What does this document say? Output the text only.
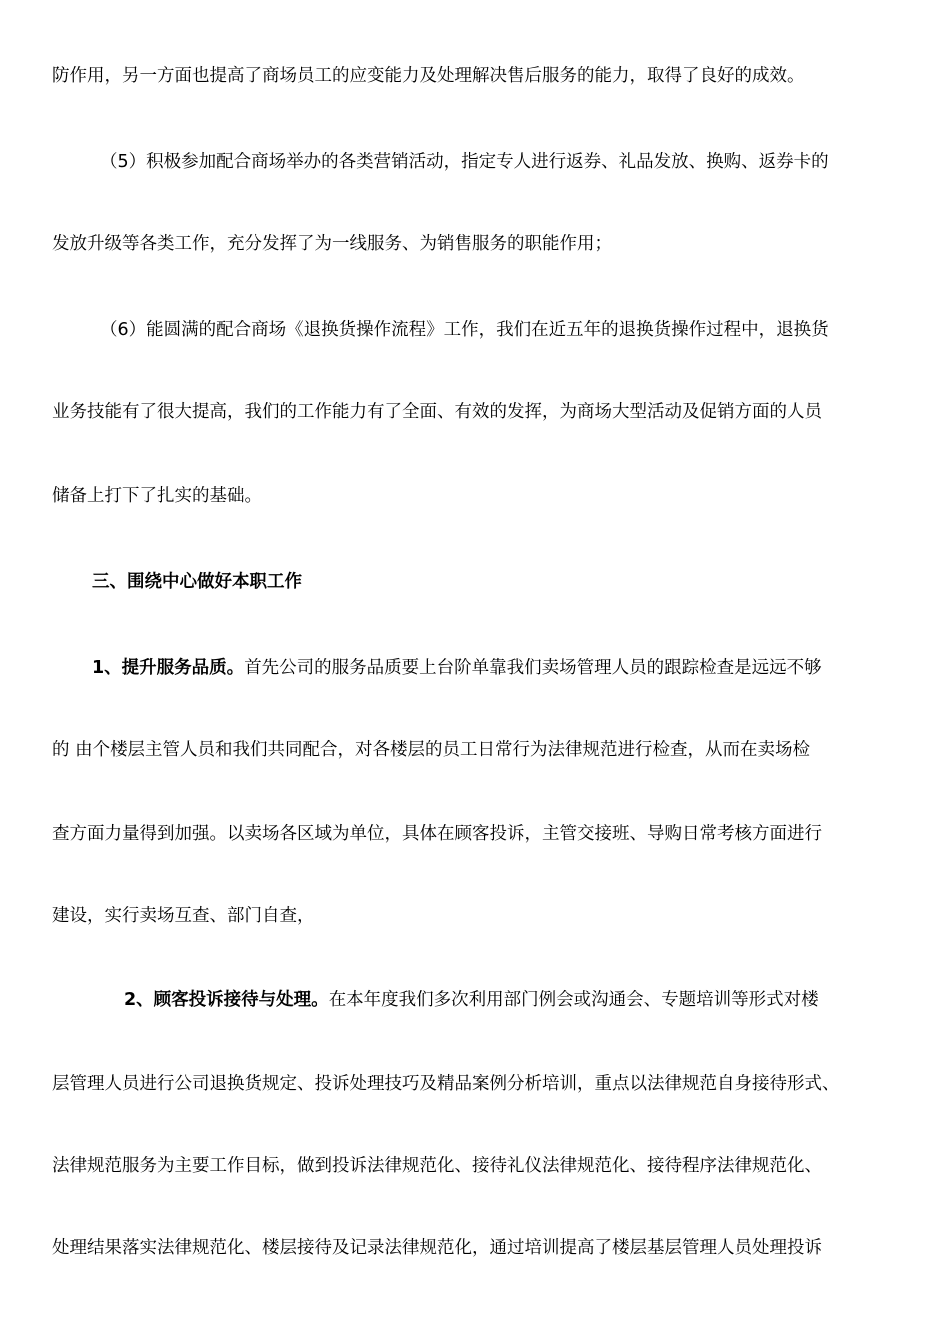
防作用，另一方面也提高了商场员工的应变能力及处理解决售后服务的能力，取得了良好的成效。
（5）积极参加配合商场举办的各类营销活动，指定专人进行返券、礼品发放、换购、返券卡的
发放升级等各类工作，充分发挥了为一线服务、为销售服务的职能作用；
（6）能圆满的配合商场《退换货操作流程》工作，我们在近五年的退换货操作过程中，退换货
业务技能有了很大提高，我们的工作能力有了全面、有效的发挥，为商场大型活动及促销方面的人员
储备上打下了扎实的基础。
三、围绕中心做好本职工作
1、提升服务品质。首先公司的服务品质要上台阶单靠我们卖场管理人员的跟踪检查是远远不够
的 由个楼层主管人员和我们共同配合，对各楼层的员工日常行为法律规范进行检查，从而在卖场检
查方面力量得到加强。以卖场各区域为单位，具体在顾客投诉，主管交接班、导购日常考核方面进行
建设，实行卖场互查、部门自查，
2、顾客投诉接待与处理。在本年度我们多次利用部门例会或沟通会、专题培训等形式对楼
层管理人员进行公司退换货规定、投诉处理技巧及精品案例分析培训，重点以法律规范自身接待形式、
法律规范服务为主要工作目标，做到投诉法律规范化、接待礼仪法律规范化、接待程序法律规范化、
处理结果落实法律规范化、楼层接待及记录法律规范化，通过培训提高了楼层基层管理人员处理投诉
